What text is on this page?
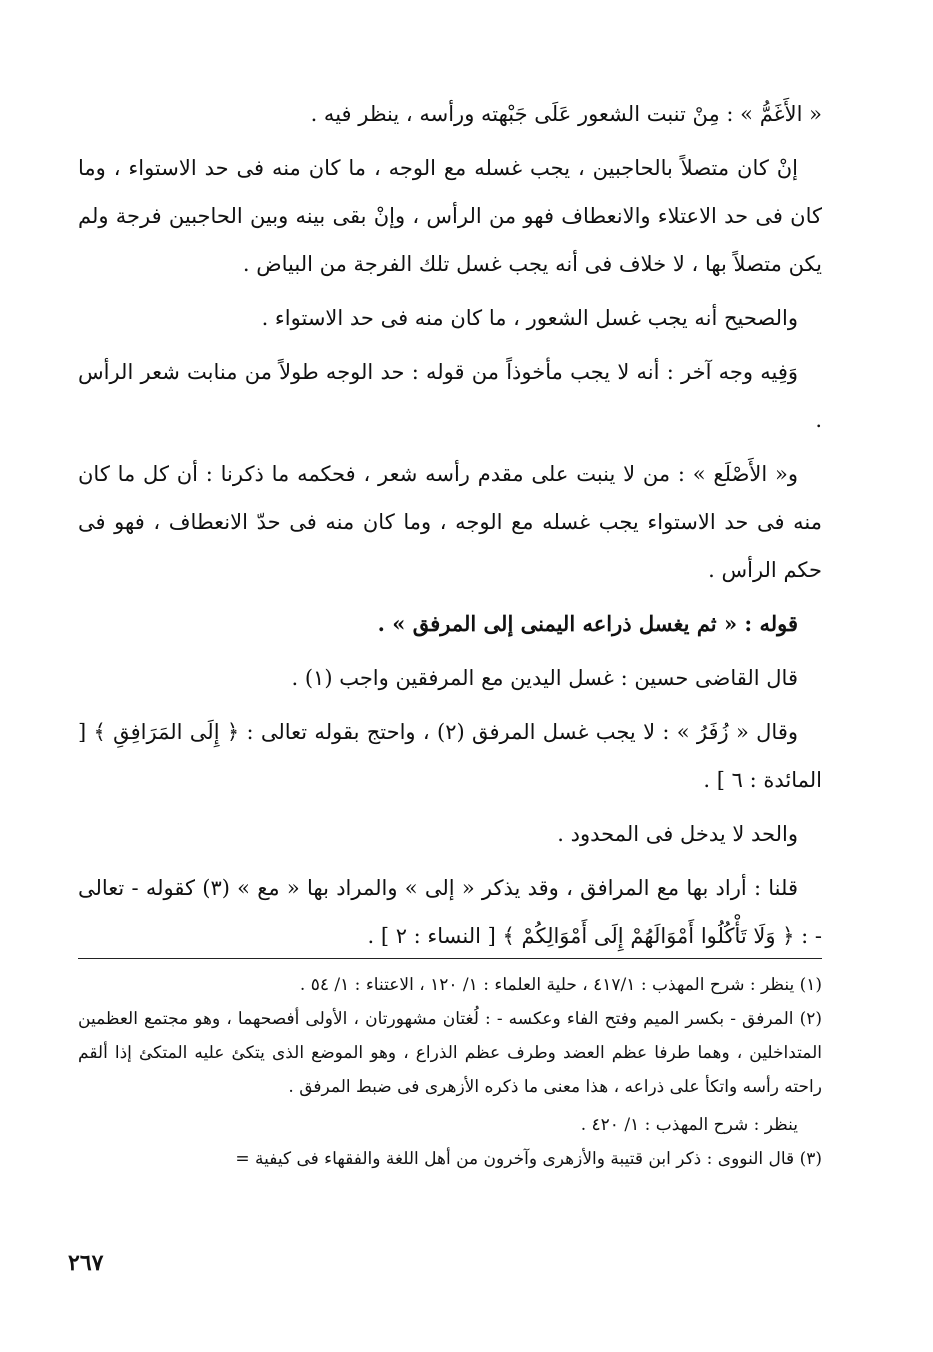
« الأَغَمُّ » : مِنْ تنبت الشعور عَلَى جَبْهته ورأسه ، ينظر فيه .

إنْ كان متصلاً بالحاجبين ، يجب غسله مع الوجه ، ما كان منه فى حد الاستواء ، وما كان فى حد الاعتلاء والانعطاف فهو من الرأس ، وإنْ بقى بينه وبين الحاجبين فرجة ولم يكن متصلاً بها ، لا خلاف فى أنه يجب غسل تلك الفرجة من البياض .

والصحيح أنه يجب غسل الشعور ، ما كان منه فى حد الاستواء .

وَفِيه وجه آخر : أنه لا يجب مأخوذاً من قوله : حد الوجه طولاً من منابت شعر الرأس .

و« الأَصْلَع » : من لا ينبت على مقدم رأسه شعر ، فحكمه ما ذكرنا : أن كل ما كان منه فى حد الاستواء يجب غسله مع الوجه ، وما كان منه فى حدّ الانعطاف ، فهو فى حكم الرأس .

قوله : « ثم يغسل ذراعه اليمنى إلى المرفق » .

قال القاضى حسين : غسل اليدين مع المرفقين واجب (١) .

وقال « زُفَرُ » : لا يجب غسل المرفق (٢) ، واحتج بقوله تعالى : ﴿ إِلَى المَرَافِقِ ﴾ [ المائدة : ٦ ] .

والحد لا يدخل فى المحدود .

قلنا : أراد بها مع المرافق ، وقد يذكر « إلى » والمراد بها « مع » (٣) كقوله - تعالى - : ﴿ وَلَا تَأْكُلُوا أَمْوَالَهُمْ إِلَى أَمْوَالِكُمْ ﴾ [ النساء : ٢ ] .

(١) ينظر : شرح المهذب : ٤١٧/١ ، حلية العلماء : ١/ ١٢٠ ، الاعتناء : ١/ ٥٤ .

(٢) المرفق - بكسر الميم وفتح الفاء وعكسه - : لُغتان مشهورتان ، الأولى أفصحهما ، وهو مجتمع العظمين المتداخلين ، وهما طرفا عظم العضد وطرف عظم الذراع ، وهو الموضع الذى يتكئ عليه المتكئ إذا ألقم راحته رأسه واتكأ على ذراعه ، هذا معنى ما ذكره الأزهرى فى ضبط المرفق .

ينظر : شرح المهذب : ١/ ٤٢٠ .

(٣) قال النووى : ذكر ابن قتيبة والأزهرى وآخرون من أهل اللغة والفقهاء فى كيفية =

٢٦٧
